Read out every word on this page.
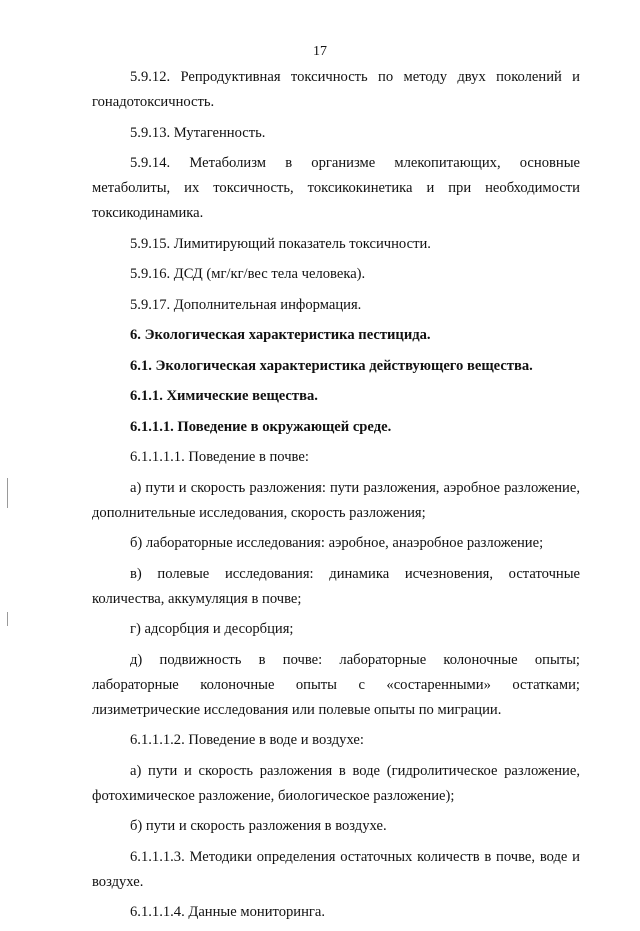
17

5.9.12. Репродуктивная токсичность по методу двух поколений и гонадотоксичность.

5.9.13. Мутагенность.

5.9.14. Метаболизм в организме млекопитающих, основные метаболиты, их токсичность, токсикокинетика и при необходимости токсикодинамика.

5.9.15. Лимитирующий показатель токсичности.

5.9.16. ДСД (мг/кг/вес тела человека).

5.9.17. Дополнительная информация.

6. Экологическая характеристика пестицида.

6.1. Экологическая характеристика действующего вещества.

6.1.1. Химические вещества.

6.1.1.1. Поведение в окружающей среде.

6.1.1.1.1. Поведение в почве:

а) пути и скорость разложения: пути разложения, аэробное разложение, дополнительные исследования, скорость разложения;

б) лабораторные исследования: аэробное, анаэробное разложение;

в) полевые исследования: динамика исчезновения, остаточные количества, аккумуляция в почве;

г) адсорбция и десорбция;

д) подвижность в почве: лабораторные колоночные опыты; лабораторные колоночные опыты с «состаренными» остатками; лизиметрические исследования или полевые опыты по миграции.

6.1.1.1.2. Поведение в воде и воздухе:

а) пути и скорость разложения в воде (гидролитическое разложение, фотохимическое разложение, биологическое разложение);

б) пути и скорость разложения в воздухе.

6.1.1.1.3. Методики определения остаточных количеств в почве, воде и воздухе.

6.1.1.1.4. Данные мониторинга.
